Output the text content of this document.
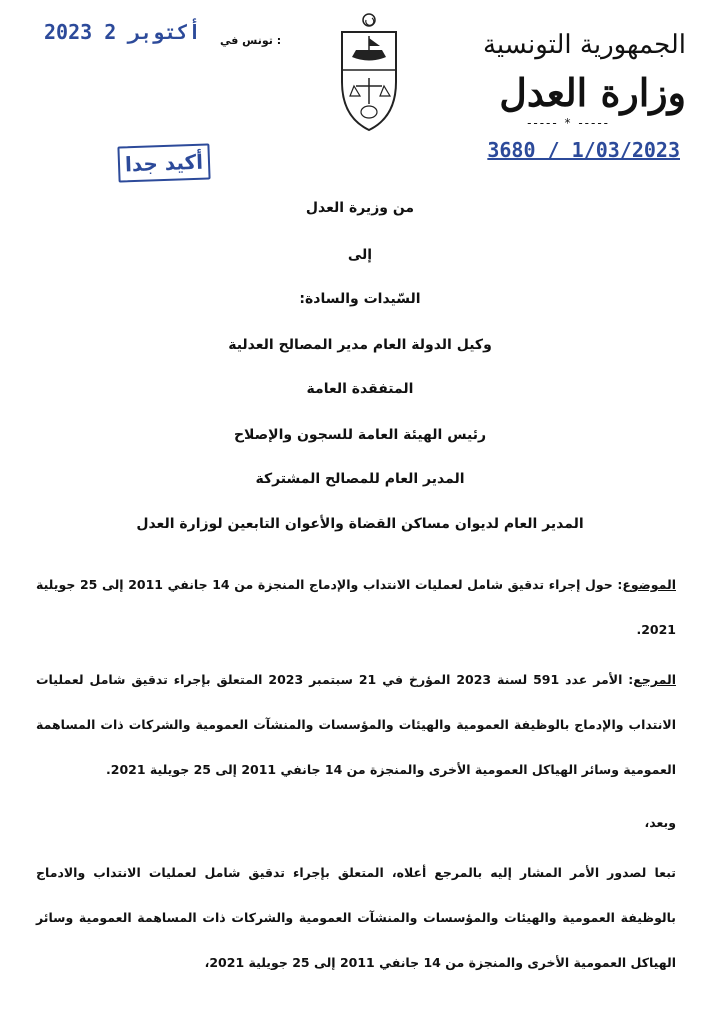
2023 أكتوبر 2 تونس في :	الجمهورية التونسية
وزارة العدل
----- * -----
3680 / 1/03/2023
أكيد جدا
من وزيرة العدل
إلى
السّيدات والسادة:
وكيل الدولة العام مدير المصالح العدلية
المتفقدة العامة
رئيس الهيئة العامة للسجون والإصلاح
المدير العام للمصالح المشتركة
المدير العام لديوان مساكن القضاة والأعوان التابعين لوزارة العدل
الموضوع: حول إجراء تدقيق شامل لعمليات الانتداب والإدماج المنجزة من 14 جانفي 2011 إلى 25 جويلية 2021.
المرجع: الأمر عدد 591 لسنة 2023 المؤرخ في 21 سبتمبر 2023 المتعلق بإجراء تدقيق شامل لعمليات الانتداب والإدماج بالوظيفة العمومية والهيئات والمؤسسات والمنشآت العمومية والشركات ذات المساهمة العمومية وسائر الهياكل العمومية الأخرى والمنجزة من 14 جانفي 2011 إلى 25 جويلية 2021.
وبعد،
تبعا لصدور الأمر المشار إليه بالمرجع أعلاه، المتعلق بإجراء تدقيق شامل لعمليات الانتداب والادماج بالوظيفة العمومية والهيئات والمؤسسات والمنشآت العمومية والشركات ذات المساهمة العمومية وسائر الهياكل العمومية الأخرى والمنجزة من 14 جانفي 2011 إلى 25 جويلية 2021،
